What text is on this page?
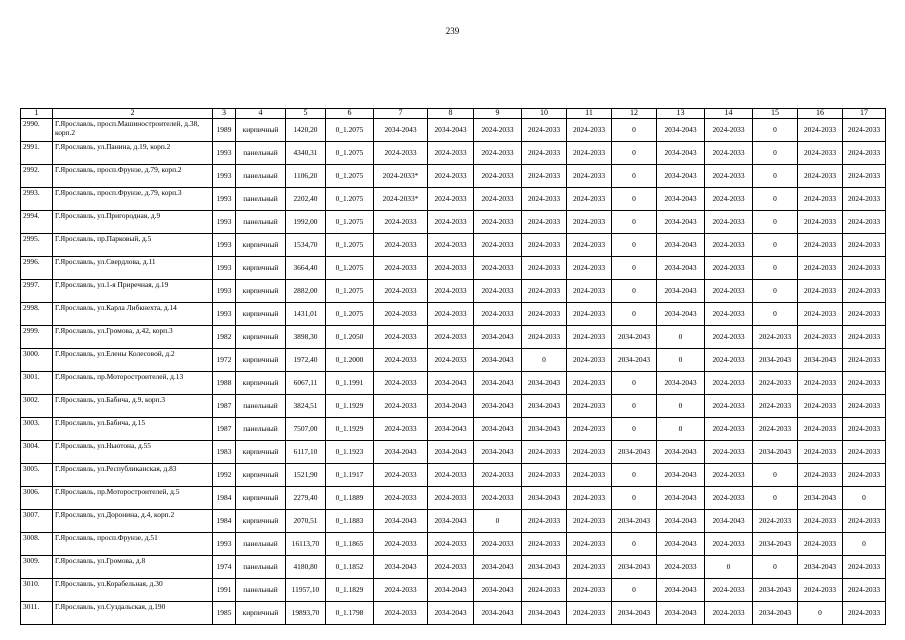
239
1	2	3	4	5	6	7	8	9	10	11	12	13	14	15	16	17
2990.	Г.Ярославль, просп.Машиностроителей, д.38, корп.2	1989	кирпичный	1420,20	0_1.2075	2034-2043	2034-2043	2024-2033	2024-2033	2024-2033	0	2034-2043	2024-2033	0	2024-2033	2024-2033
2991.	Г.Ярославль, ул.Панина, д.19, корп.2	1993	панельный	4340,31	0_1.2075	2024-2033	2024-2033	2024-2033	2024-2033	2024-2033	0	2034-2043	2024-2033	0	2024-2033	2024-2033
2992.	Г.Ярославль, просп.Фрунзе, д.79, корп.2	1993	панельный	1106,20	0_1.2075	2024-2033*	2024-2033	2024-2033	2024-2033	2024-2033	0	2034-2043	2024-2033	0	2024-2033	2024-2033
2993.	Г.Ярославль, просп.Фрунзе, д.79, корп.3	1993	панельный	2202,40	0_1.2075	2024-2033*	2024-2033	2024-2033	2024-2033	2024-2033	0	2034-2043	2024-2033	0	2024-2033	2024-2033
2994.	Г.Ярославль, ул.Пригородная, д.9	1993	панельный	1992,00	0_1.2075	2024-2033	2024-2033	2024-2033	2024-2033	2024-2033	0	2034-2043	2024-2033	0	2024-2033	2024-2033
2995.	Г.Ярославль, пр.Парковый, д.5	1993	кирпичный	1534,70	0_1.2075	2024-2033	2024-2033	2024-2033	2024-2033	2024-2033	0	2034-2043	2024-2033	0	2024-2033	2024-2033
2996.	Г.Ярославль, ул.Свердлова, д.11	1993	кирпичный	3664,40	0_1.2075	2024-2033	2024-2033	2024-2033	2024-2033	2024-2033	0	2034-2043	2024-2033	0	2024-2033	2024-2033
2997.	Г.Ярославль, ул.1-я Приречная, д.19	1993	кирпичный	2882,00	0_1.2075	2024-2033	2024-2033	2024-2033	2024-2033	2024-2033	0	2034-2043	2024-2033	0	2024-2033	2024-2033
2998.	Г.Ярославль, ул.Карла Либкнехта, д.14	1993	кирпичный	1431,01	0_1.2075	2024-2033	2024-2033	2024-2033	2024-2033	2024-2033	0	2034-2043	2024-2033	0	2024-2033	2024-2033
2999.	Г.Ярославль, ул.Громова, д.42, корп.3	1982	кирпичный	3898,30	0_1.2050	2024-2033	2024-2033	2034-2043	2024-2033	2024-2033	2034-2043	0	2024-2033	2024-2033	2024-2033	2024-2033
3000.	Г.Ярославль, ул.Елены Колесовой, д.2	1972	кирпичный	1972,40	0_1.2000	2024-2033	2024-2033	2034-2043	0	2024-2033	2034-2043	0	2024-2033	2034-2043	2034-2043	2024-2033
3001.	Г.Ярославль, пр.Моторостроителей, д.13	1988	кирпичный	6067,11	0_1.1991	2024-2033	2034-2043	2034-2043	2034-2043	2024-2033	0	2034-2043	2024-2033	2024-2033	2024-2033	2024-2033
3002.	Г.Ярославль, ул.Бабича, д.9, корп.3	1987	панельный	3824,51	0_1.1929	2024-2033	2034-2043	2034-2043	2034-2043	2024-2033	0	0	2024-2033	2024-2033	2024-2033	2024-2033
3003.	Г.Ярославль, ул.Бабича, д.15	1987	панельный	7507,00	0_1.1929	2024-2033	2034-2043	2034-2043	2034-2043	2024-2033	0	0	2024-2033	2024-2033	2024-2033	2024-2033
3004.	Г.Ярославль, ул.Ньютона, д.55	1983	кирпичный	6117,10	0_1.1923	2034-2043	2034-2043	2034-2043	2024-2033	2024-2033	2034-2043	2034-2043	2024-2033	2034-2043	2024-2033	2024-2033
3005.	Г.Ярославль, ул.Республиканская, д.83	1992	кирпичный	1521,90	0_1.1917	2024-2033	2024-2033	2024-2033	2024-2033	2024-2033	0	2034-2043	2024-2033	0	2024-2033	2024-2033
3006.	Г.Ярославль, пр.Моторостроителей, д.5	1984	кирпичный	2279,40	0_1.1889	2024-2033	2024-2033	2024-2033	2034-2043	2024-2033	0	2034-2043	2024-2033	0	2034-2043	0
3007.	Г.Ярославль, ул.Доронина, д.4, корп.2	1984	кирпичный	2070,51	0_1.1883	2034-2043	2034-2043	0	2024-2033	2024-2033	2034-2043	2034-2043	2034-2043	2024-2033	2024-2033	2024-2033
3008.	Г.Ярославль, просп.Фрунзе, д.51	1993	панельный	16113,70	0_1.1865	2024-2033	2024-2033	2024-2033	2024-2033	2024-2033	0	2034-2043	2024-2033	2034-2043	2024-2033	0
3009.	Г.Ярославль, ул.Громова, д.8	1974	панельный	4180,80	0_1.1852	2034-2043	2024-2033	2034-2043	2034-2043	2024-2033	2034-2043	2024-2033	0	0	2034-2043	2024-2033
3010.	Г.Ярославль, ул.Корабельная, д.30	1991	панельный	11957,10	0_1.1829	2024-2033	2034-2043	2034-2043	2024-2033	2024-2033	0	2034-2043	2024-2033	2034-2043	2024-2033	2024-2033
3011.	Г.Ярославль, ул.Суздальская, д.190	1985	кирпичный	19893,70	0_1.1798	2024-2033	2034-2043	2034-2043	2034-2043	2024-2033	2034-2043	2034-2043	2024-2033	2034-2043	0	2024-2033
